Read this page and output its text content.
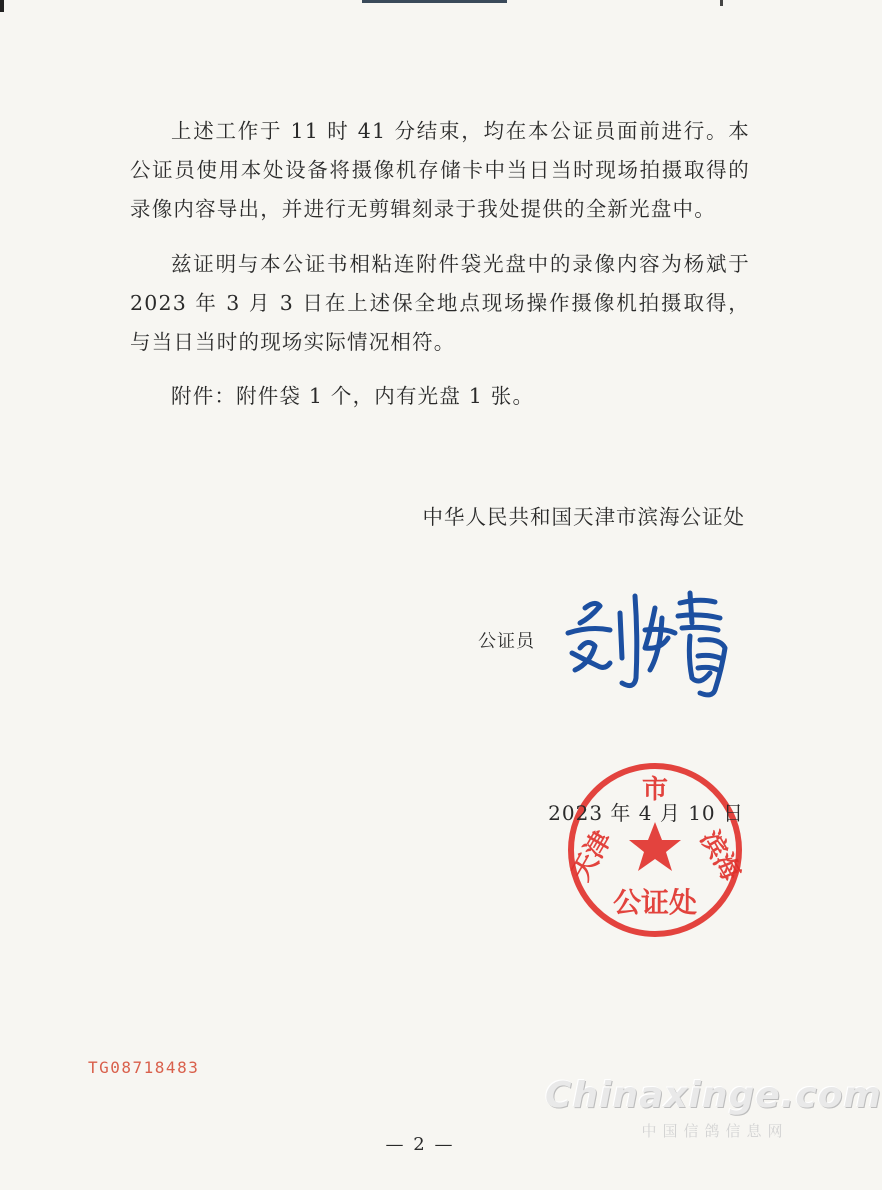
上述工作于 11 时 41 分结束，均在本公证员面前进行。本公证员使用本处设备将摄像机存储卡中当日当时现场拍摄取得的录像内容导出，并进行无剪辑刻录于我处提供的全新光盘中。

兹证明与本公证书相粘连附件袋光盘中的录像内容为杨斌于 2023 年 3 月 3 日在上述保全地点现场操作摄像机拍摄取得，与当日当时的现场实际情况相符。

附件：附件袋 1 个，内有光盘 1 张。

中华人民共和国天津市滨海公证处
公证员
市
天津	滨海
公证处
2023 年 4 月 10 日
TG08718483
Chinaxinge.com
中国信鸽信息网
— 2 —
